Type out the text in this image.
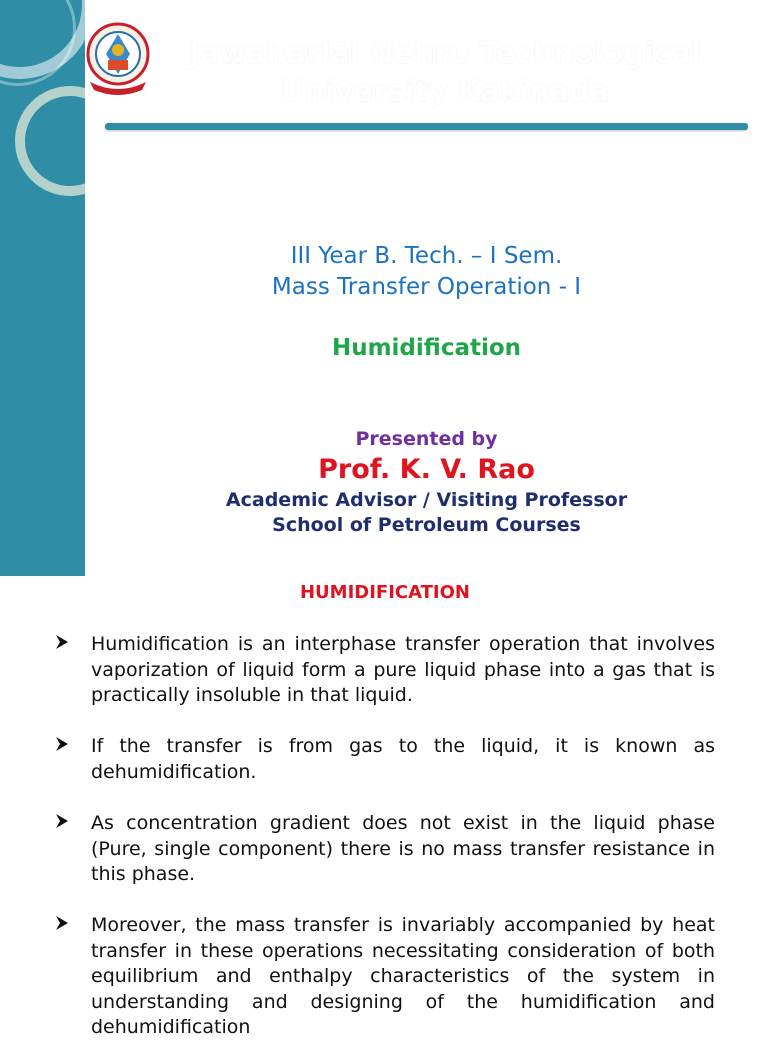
Jawaharlal Nehru Technological University Kakinada
III Year B. Tech. – I Sem.
Mass Transfer Operation - I
Humidification
Presented by
Prof. K. V. Rao
Academic Advisor / Visiting Professor
School of Petroleum Courses
HUMIDIFICATION
Humidification is an interphase transfer operation that involves vaporization of liquid form a pure liquid phase into a gas that is practically insoluble in that liquid.
If the transfer is from gas to the liquid, it is known as dehumidification.
As concentration gradient does not exist in the liquid phase (Pure, single component) there is no mass transfer resistance in this phase.
Moreover, the mass transfer is invariably accompanied by heat transfer in these operations necessitating consideration of both equilibrium and enthalpy characteristics of the system in understanding and designing of the humidification and dehumidification
